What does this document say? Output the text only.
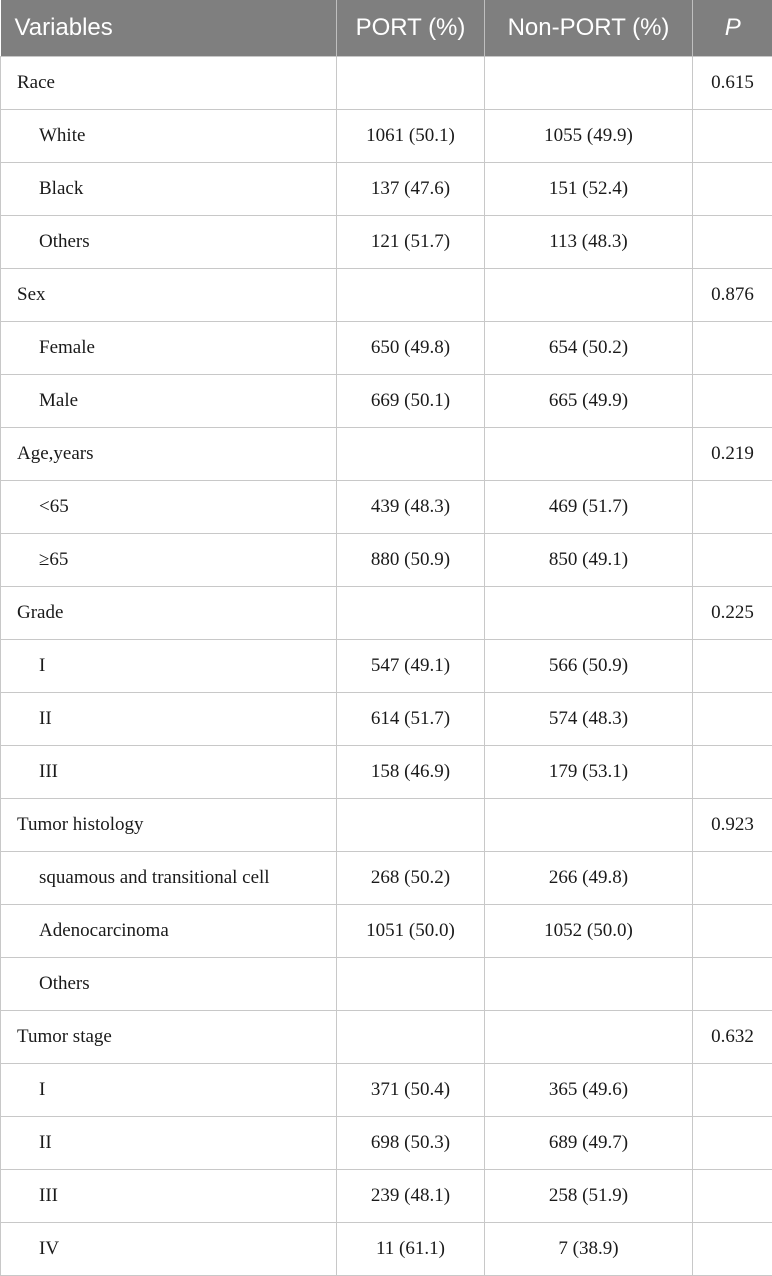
Variables	PORT (%)	Non-PORT (%)	P
Race			0.615
White	1061 (50.1)	1055 (49.9)	
Black	137 (47.6)	151 (52.4)	
Others	121 (51.7)	113 (48.3)	
Sex			0.876
Female	650 (49.8)	654 (50.2)	
Male	669 (50.1)	665 (49.9)	
Age,years			0.219
<65	439 (48.3)	469 (51.7)	
≥65	880 (50.9)	850 (49.1)	
Grade			0.225
I	547 (49.1)	566 (50.9)	
II	614 (51.7)	574 (48.3)	
III	158 (46.9)	179 (53.1)	
Tumor histology			0.923
squamous and transitional cell	268 (50.2)	266 (49.8)	
Adenocarcinoma	1051 (50.0)	1052 (50.0)	
Others			
Tumor stage			0.632
I	371 (50.4)	365 (49.6)	
II	698 (50.3)	689 (49.7)	
III	239 (48.1)	258 (51.9)	
IV	11 (61.1)	7 (38.9)	
